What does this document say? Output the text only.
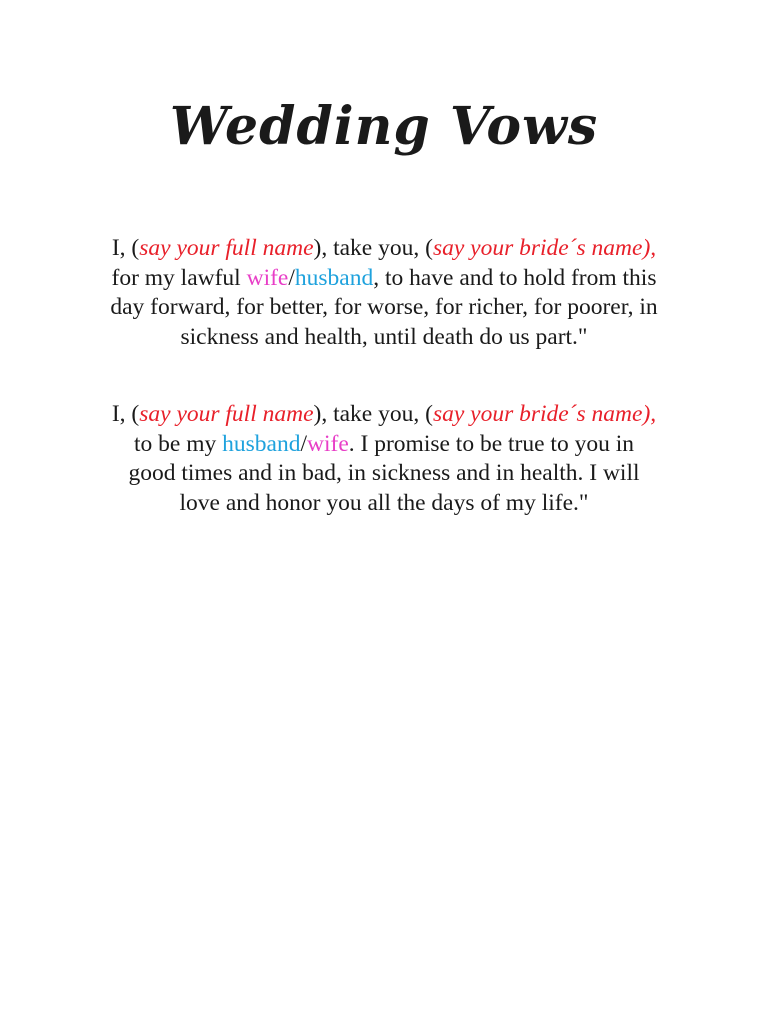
Wedding Vows

I, (say your full name), take you, (say your bride´s name), for my lawful wife/husband, to have and to hold from this day forward, for better, for worse, for richer, for poorer, in sickness and health, until death do us part."

I, (say your full name), take you, (say your bride´s name), to be my husband/wife. I promise to be true to you in good times and in bad, in sickness and in health. I will love and honor you all the days of my life."
